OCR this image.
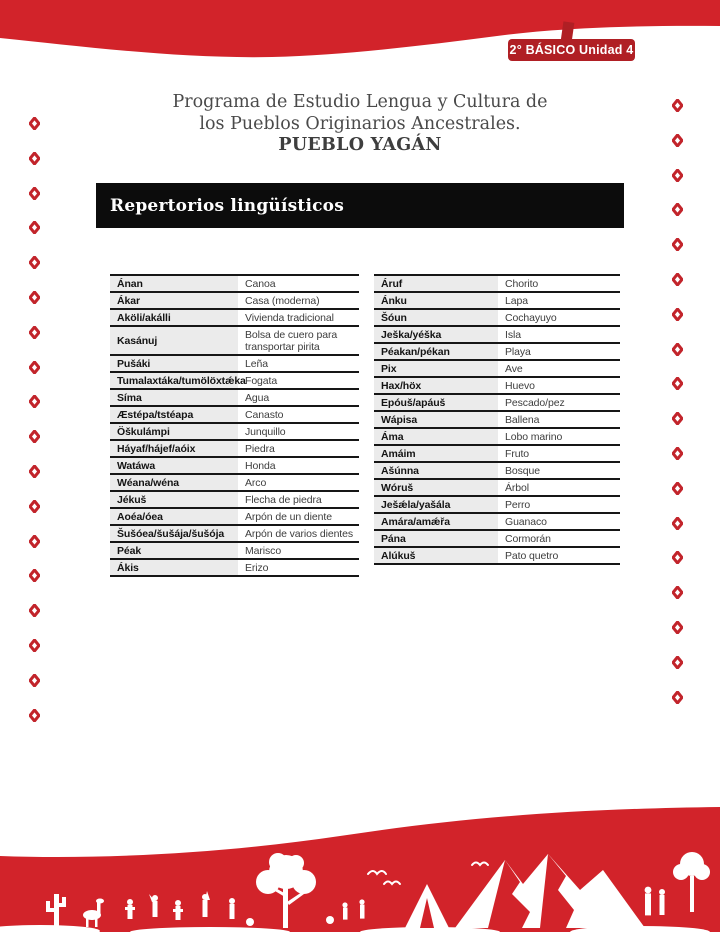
2° BÁSICO Unidad 4
Programa de Estudio Lengua y Cultura de
los Pueblos Originarios Ancestrales.
PUEBLO YAGÁN
Repertorios lingüísticos
Ánan	Canoa
Ákar	Casa (moderna)
Aköli/akálli	Vivienda tradicional
Kasánuj	Bolsa de cuero para transportar pirita
Pušáki	Leña
Tumalaxtáka/tumölöxtǽka	Fogata
Síma	Agua
Æstépa/tstéapa	Canasto
Öškulámpi	Junquillo
Háyaf/hájef/aóix	Piedra
Watáwa	Honda
Wéana/wéna	Arco
Jékuš	Flecha de piedra
Aoéa/óea	Arpón de un diente
Šušóea/šušája/šušója	Arpón de varios dientes
Péak	Marisco
Ákis	Erizo
Áruf	Chorito
Ánku	Lapa
Šóun	Cochayuyo
Ješka/yéška	Isla
Péakan/pékan	Playa
Pix	Ave
Hax/höx	Huevo
Epóuš/apáuš	Pescado/pez
Wápisa	Ballena
Áma	Lobo marino
Amáim	Fruto
Ašúnna	Bosque
Wóruš	Árbol
Ješǽla/yašála	Perro
Amára/amǽřa	Guanaco
Pána	Cormorán
Alúkuš	Pato quetro
